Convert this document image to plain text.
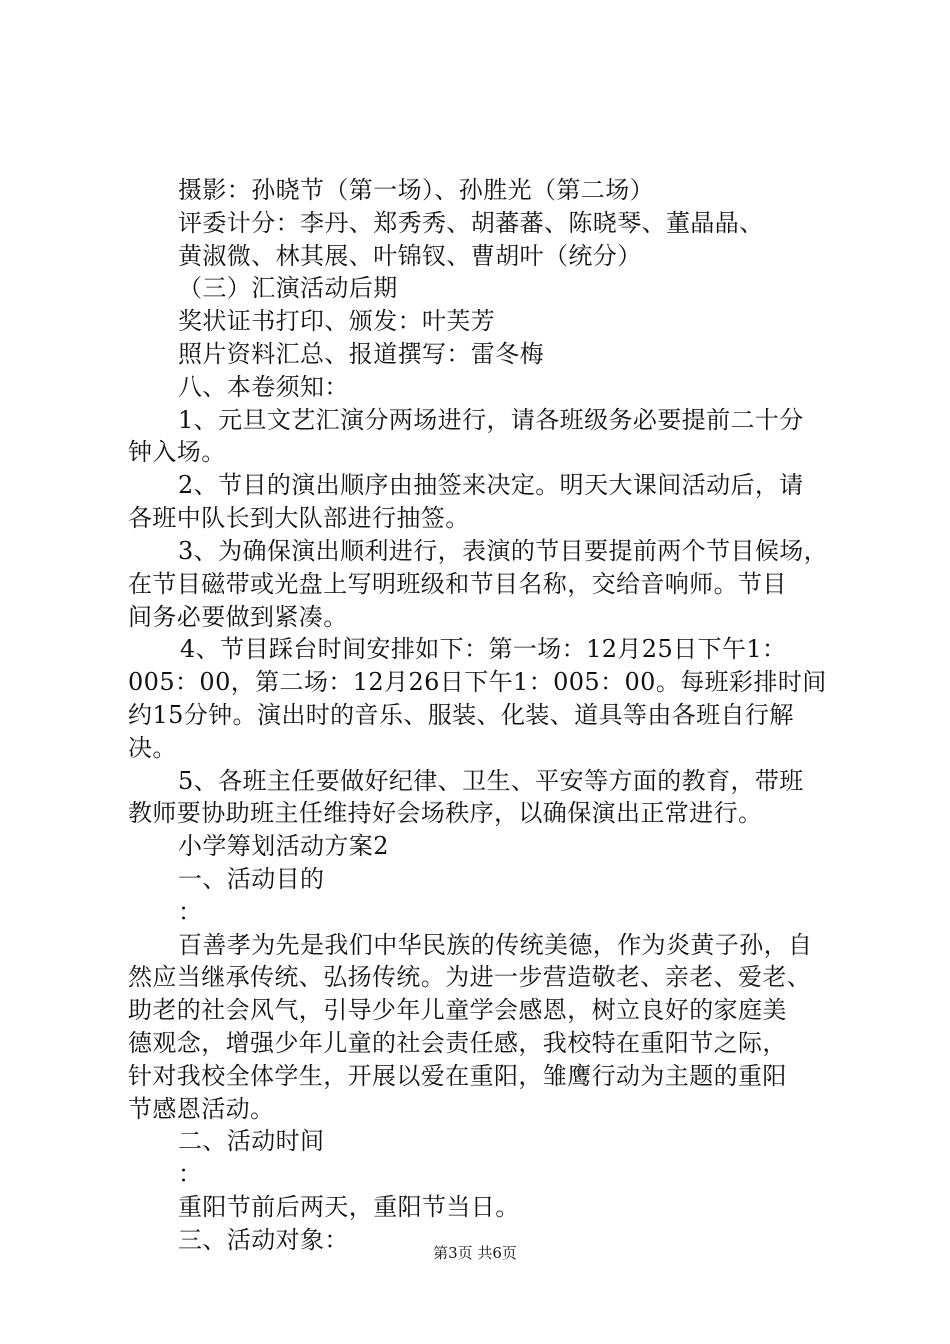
摄影：孙晓节（第一场）、孙胜光（第二场）
评委计分：李丹、郑秀秀、胡蕃蕃、陈晓琴、董晶晶、
黄淑微、林其展、叶锦钗、曹胡叶（统分）
（三）汇演活动后期
奖状证书打印、颁发：叶芙芳
照片资料汇总、报道撰写：雷冬梅
八、本卷须知：
1、元旦文艺汇演分两场进行，请各班级务必要提前二十分
钟入场。
2、节目的演出顺序由抽签来决定。明天大课间活动后，请
各班中队长到大队部进行抽签。
3、为确保演出顺利进行，表演的节目要提前两个节目候场，
在节目磁带或光盘上写明班级和节目名称，交给音响师。节目
间务必要做到紧凑。
4、节目踩台时间安排如下：第一场：12月25日下午1：
005：00，第二场：12月26日下午1：005：00。每班彩排时间
约15分钟。演出时的音乐、服装、化装、道具等由各班自行解
决。
5、各班主任要做好纪律、卫生、平安等方面的教育，带班
教师要协助班主任维持好会场秩序，以确保演出正常进行。
小学筹划活动方案2
一、活动目的
：
百善孝为先是我们中华民族的传统美德，作为炎黄子孙，自
然应当继承传统、弘扬传统。为进一步营造敬老、亲老、爱老、
助老的社会风气，引导少年儿童学会感恩，树立良好的家庭美
德观念，增强少年儿童的社会责任感，我校特在重阳节之际，
针对我校全体学生，开展以爱在重阳，雏鹰行动为主题的重阳
节感恩活动。
二、活动时间
：
重阳节前后两天，重阳节当日。
三、活动对象：	第3页 共6页
